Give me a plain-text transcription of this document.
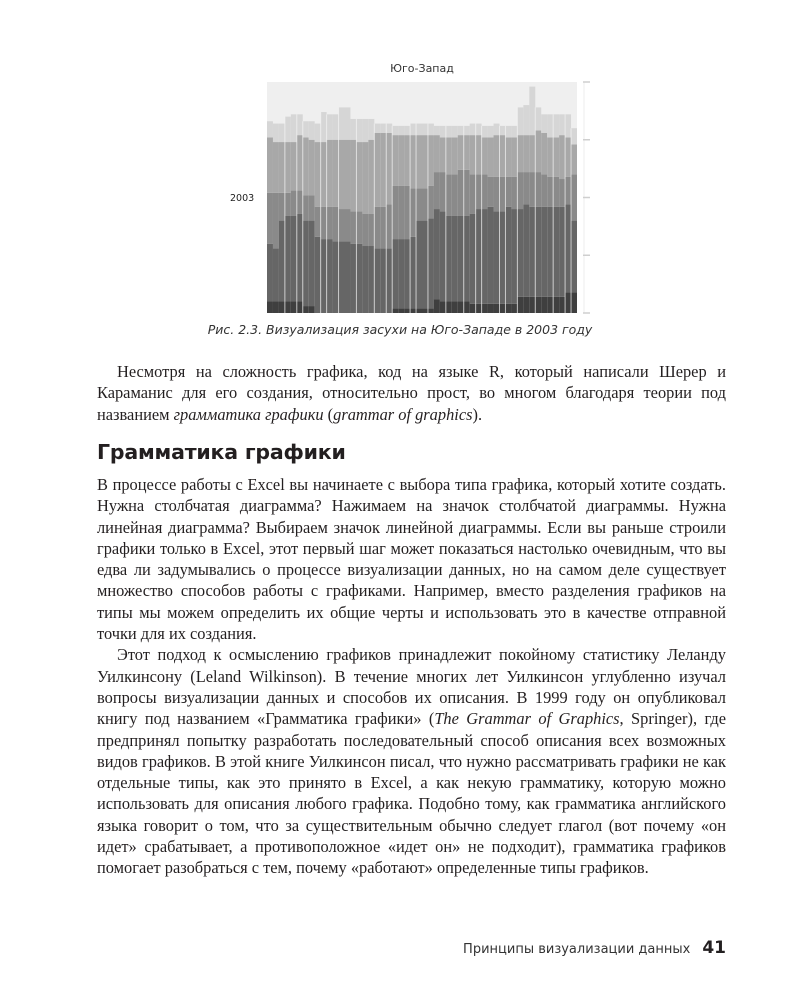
Юго-Запад
2003
Рис. 2.3. Визуализация засухи на Юго-Западе в 2003 году

Несмотря на сложность графика, код на языке R, который написали Шерер и Караманис для его создания, относительно прост, во многом благодаря теории под названием грамматика графики (grammar of graphics).

Грамматика графики

В процессе работы с Excel вы начинаете с выбора типа графика, который хотите создать. Нужна столбчатая диаграмма? Нажимаем на значок столбчатой диаграммы. Нужна линейная диаграмма? Выбираем значок линейной диаграммы. Если вы раньше строили графики только в Excel, этот первый шаг может показаться настолько очевидным, что вы едва ли задумывались о процессе визуализации данных, но на самом деле существует множество способов работы с графиками. Например, вместо разделения графиков на типы мы можем определить их общие черты и использовать это в качестве отправной точки для их создания.

Этот подход к осмыслению графиков принадлежит покойному статистику Леланду Уилкинсону (Leland Wilkinson). В течение многих лет Уилкинсон углубленно изучал вопросы визуализации данных и способов их описания. В 1999 году он опубликовал книгу под названием «Грамматика графики» (The Grammar of Graphics, Springer), где предпринял попытку разработать последовательный способ описания всех возможных видов графиков. В этой книге Уилкинсон писал, что нужно рассматривать графики не как отдельные типы, как это принято в Excel, а как некую грамматику, которую можно использовать для описания любого графика. Подобно тому, как грамматика английского языка говорит о том, что за существительным обычно следует глагол (вот почему «он идет» срабатывает, а противоположное «идет он» не подходит), грамматика графиков помогает разобраться с тем, почему «работают» определенные типы графиков.

Принципы визуализации данных 41
